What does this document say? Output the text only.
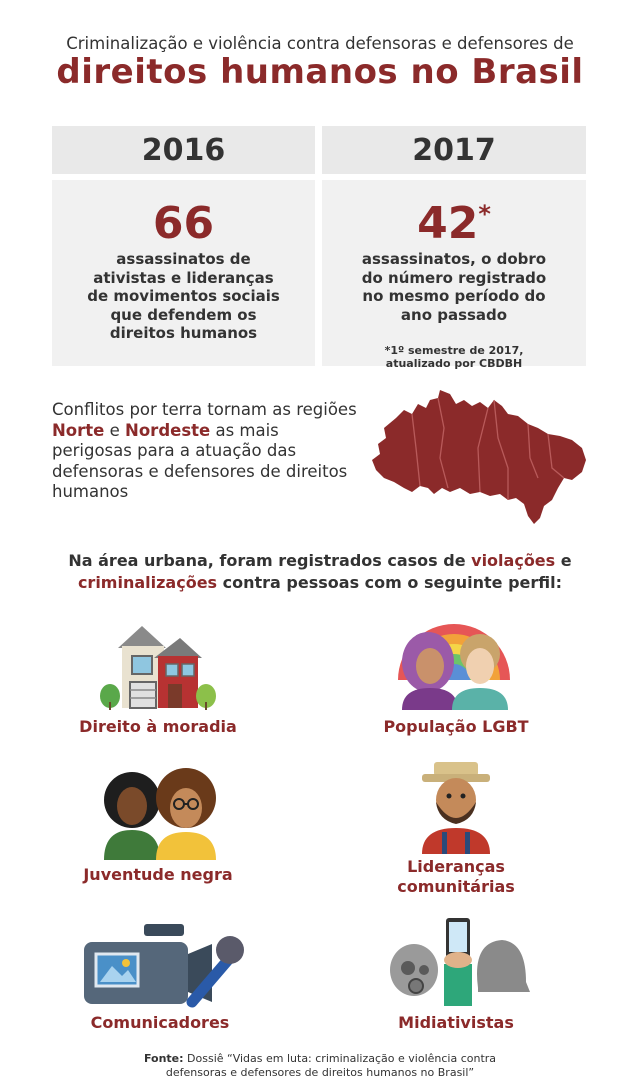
Criminalização e violência contra defensoras e defensores de
direitos humanos no Brasil
2016	2017
66
assassinatos de
ativistas e lideranças
de movimentos sociais
que defendem os
direitos humanos
42*
assassinatos, o dobro
do número registrado
no mesmo período do
ano passado
*1º semestre de 2017,
atualizado por CBDBH
Conflitos por terra tornam as regiões Norte e Nordeste as mais perigosas para a atuação das defensoras e defensores de direitos humanos
Na área urbana, foram registrados casos de violações e
criminalizações contra pessoas com o seguinte perfil:
Direito à moradia	População LGBT
Juventude negra	Lideranças
comunitárias
Comunicadores	Midiativistas
Fonte: Dossiê “Vidas em luta: criminalização e violência contra
defensoras e defensores de direitos humanos no Brasil”
